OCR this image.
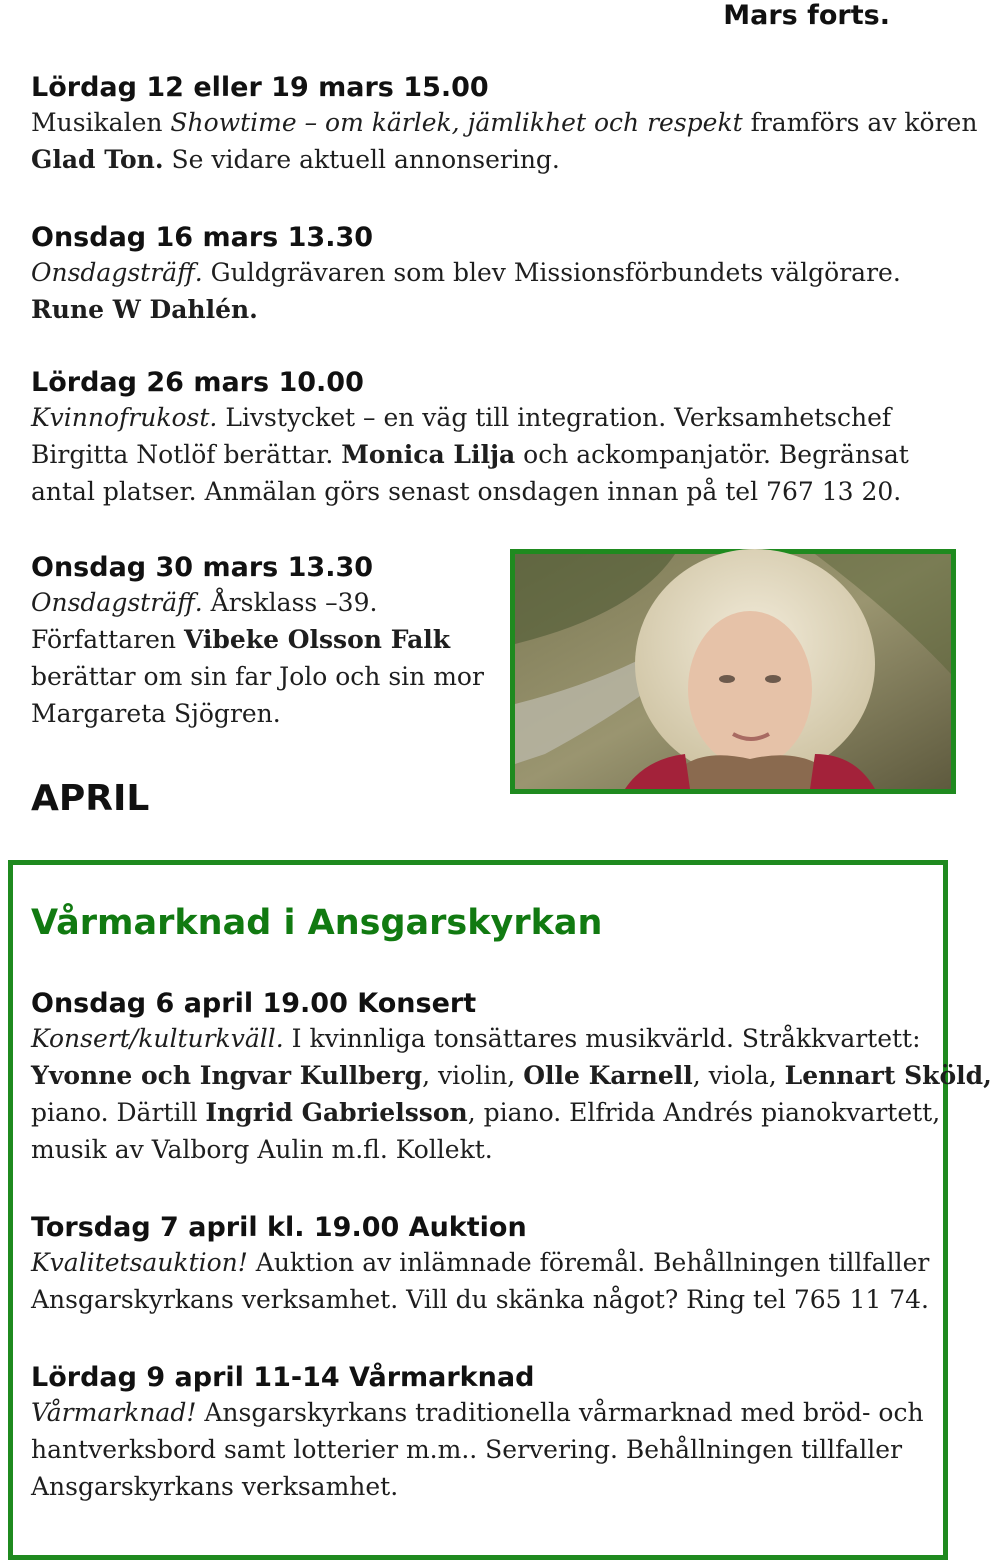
Mars forts.
Lördag 12 eller 19 mars 15.00
Musikalen Showtime – om kärlek, jämlikhet och respekt framförs av kören
Glad Ton. Se vidare aktuell annonsering.
Onsdag 16 mars 13.30
Onsdagsträff. Guldgrävaren som blev Missionsförbundets välgörare.
Rune W Dahlén.
Lördag 26 mars 10.00
Kvinnofrukost. Livstycket – en väg till integration. Verksamhetschef
Birgitta Notlöf berättar. Monica Lilja och ackompanjatör. Begränsat
antal platser. Anmälan görs senast onsdagen innan på tel 767 13 20.
Onsdag 30 mars 13.30
Onsdagsträff. Årsklass –39.
Författaren Vibeke Olsson Falk
berättar om sin far Jolo och sin mor
Margareta Sjögren.
APRIL
Vårmarknad i Ansgarskyrkan
Onsdag 6 april 19.00 Konsert
Konsert/kulturkväll. I kvinnliga tonsättares musikvärld. Stråkkvartett:
Yvonne och Ingvar Kullberg, violin, Olle Karnell, viola, Lennart Sköld,
piano. Därtill Ingrid Gabrielsson, piano. Elfrida Andrés pianokvartett,
musik av Valborg Aulin m.fl. Kollekt.
Torsdag 7 april kl. 19.00 Auktion
Kvalitetsauktion! Auktion av inlämnade föremål. Behållningen tillfaller
Ansgarskyrkans verksamhet. Vill du skänka något? Ring tel 765 11 74.
Lördag 9 april 11-14 Vårmarknad
Vårmarknad! Ansgarskyrkans traditionella vårmarknad med bröd- och
hantverksbord samt lotterier m.m.. Servering. Behållningen tillfaller
Ansgarskyrkans verksamhet.
